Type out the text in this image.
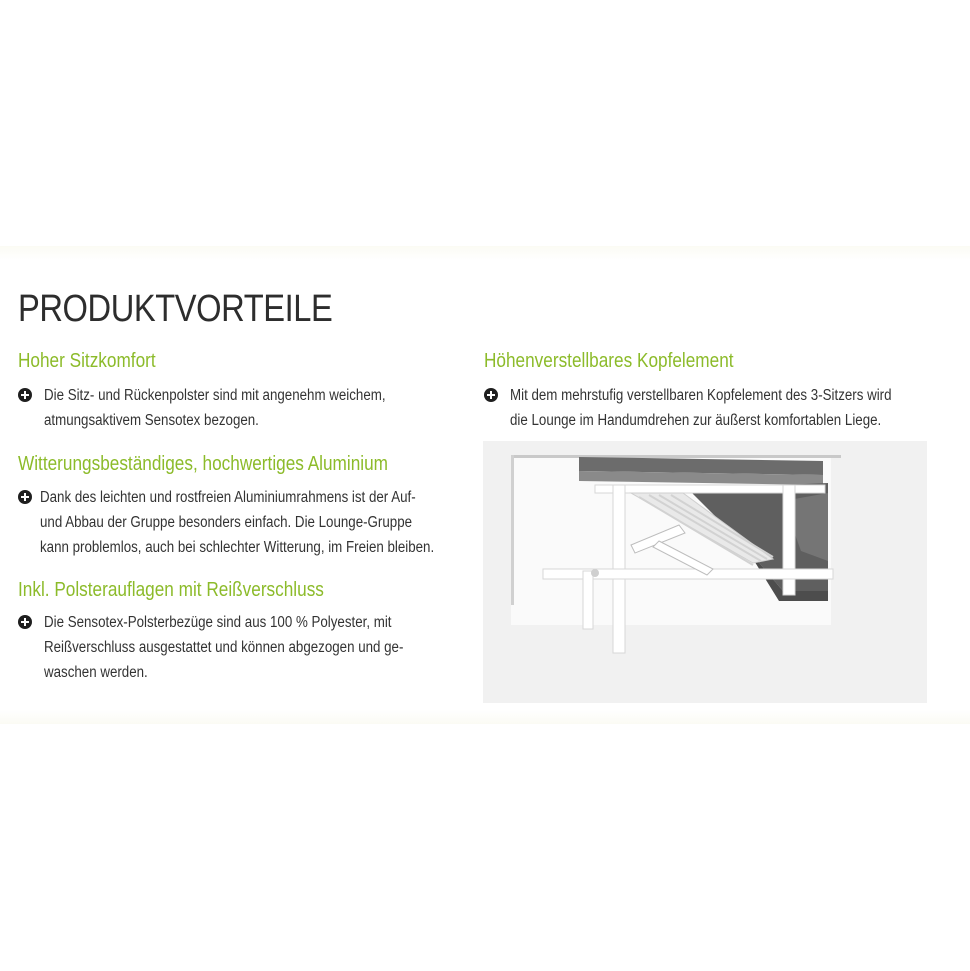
PRODUKTVORTEILE
Hoher Sitzkomfort
Die Sitz- und Rückenpolster sind mit angenehm weichem,
atmungsaktivem Sensotex bezogen.
Witterungsbeständiges, hochwertiges Aluminium
Dank des leichten und rostfreien Aluminiumrahmens ist der Auf-
und Abbau der Gruppe besonders einfach. Die Lounge-Gruppe
kann problemlos, auch bei schlechter Witterung, im Freien bleiben.
Inkl. Polsterauflagen mit Reißverschluss
Die Sensotex-Polsterbezüge sind aus 100 % Polyester, mit
Reißverschluss ausgestattet und können abgezogen und ge-
waschen werden.
Höhenverstellbares Kopfelement
Mit dem mehrstufig verstellbaren Kopfelement des 3-Sitzers wird
die Lounge im Handumdrehen zur äußerst komfortablen Liege.
